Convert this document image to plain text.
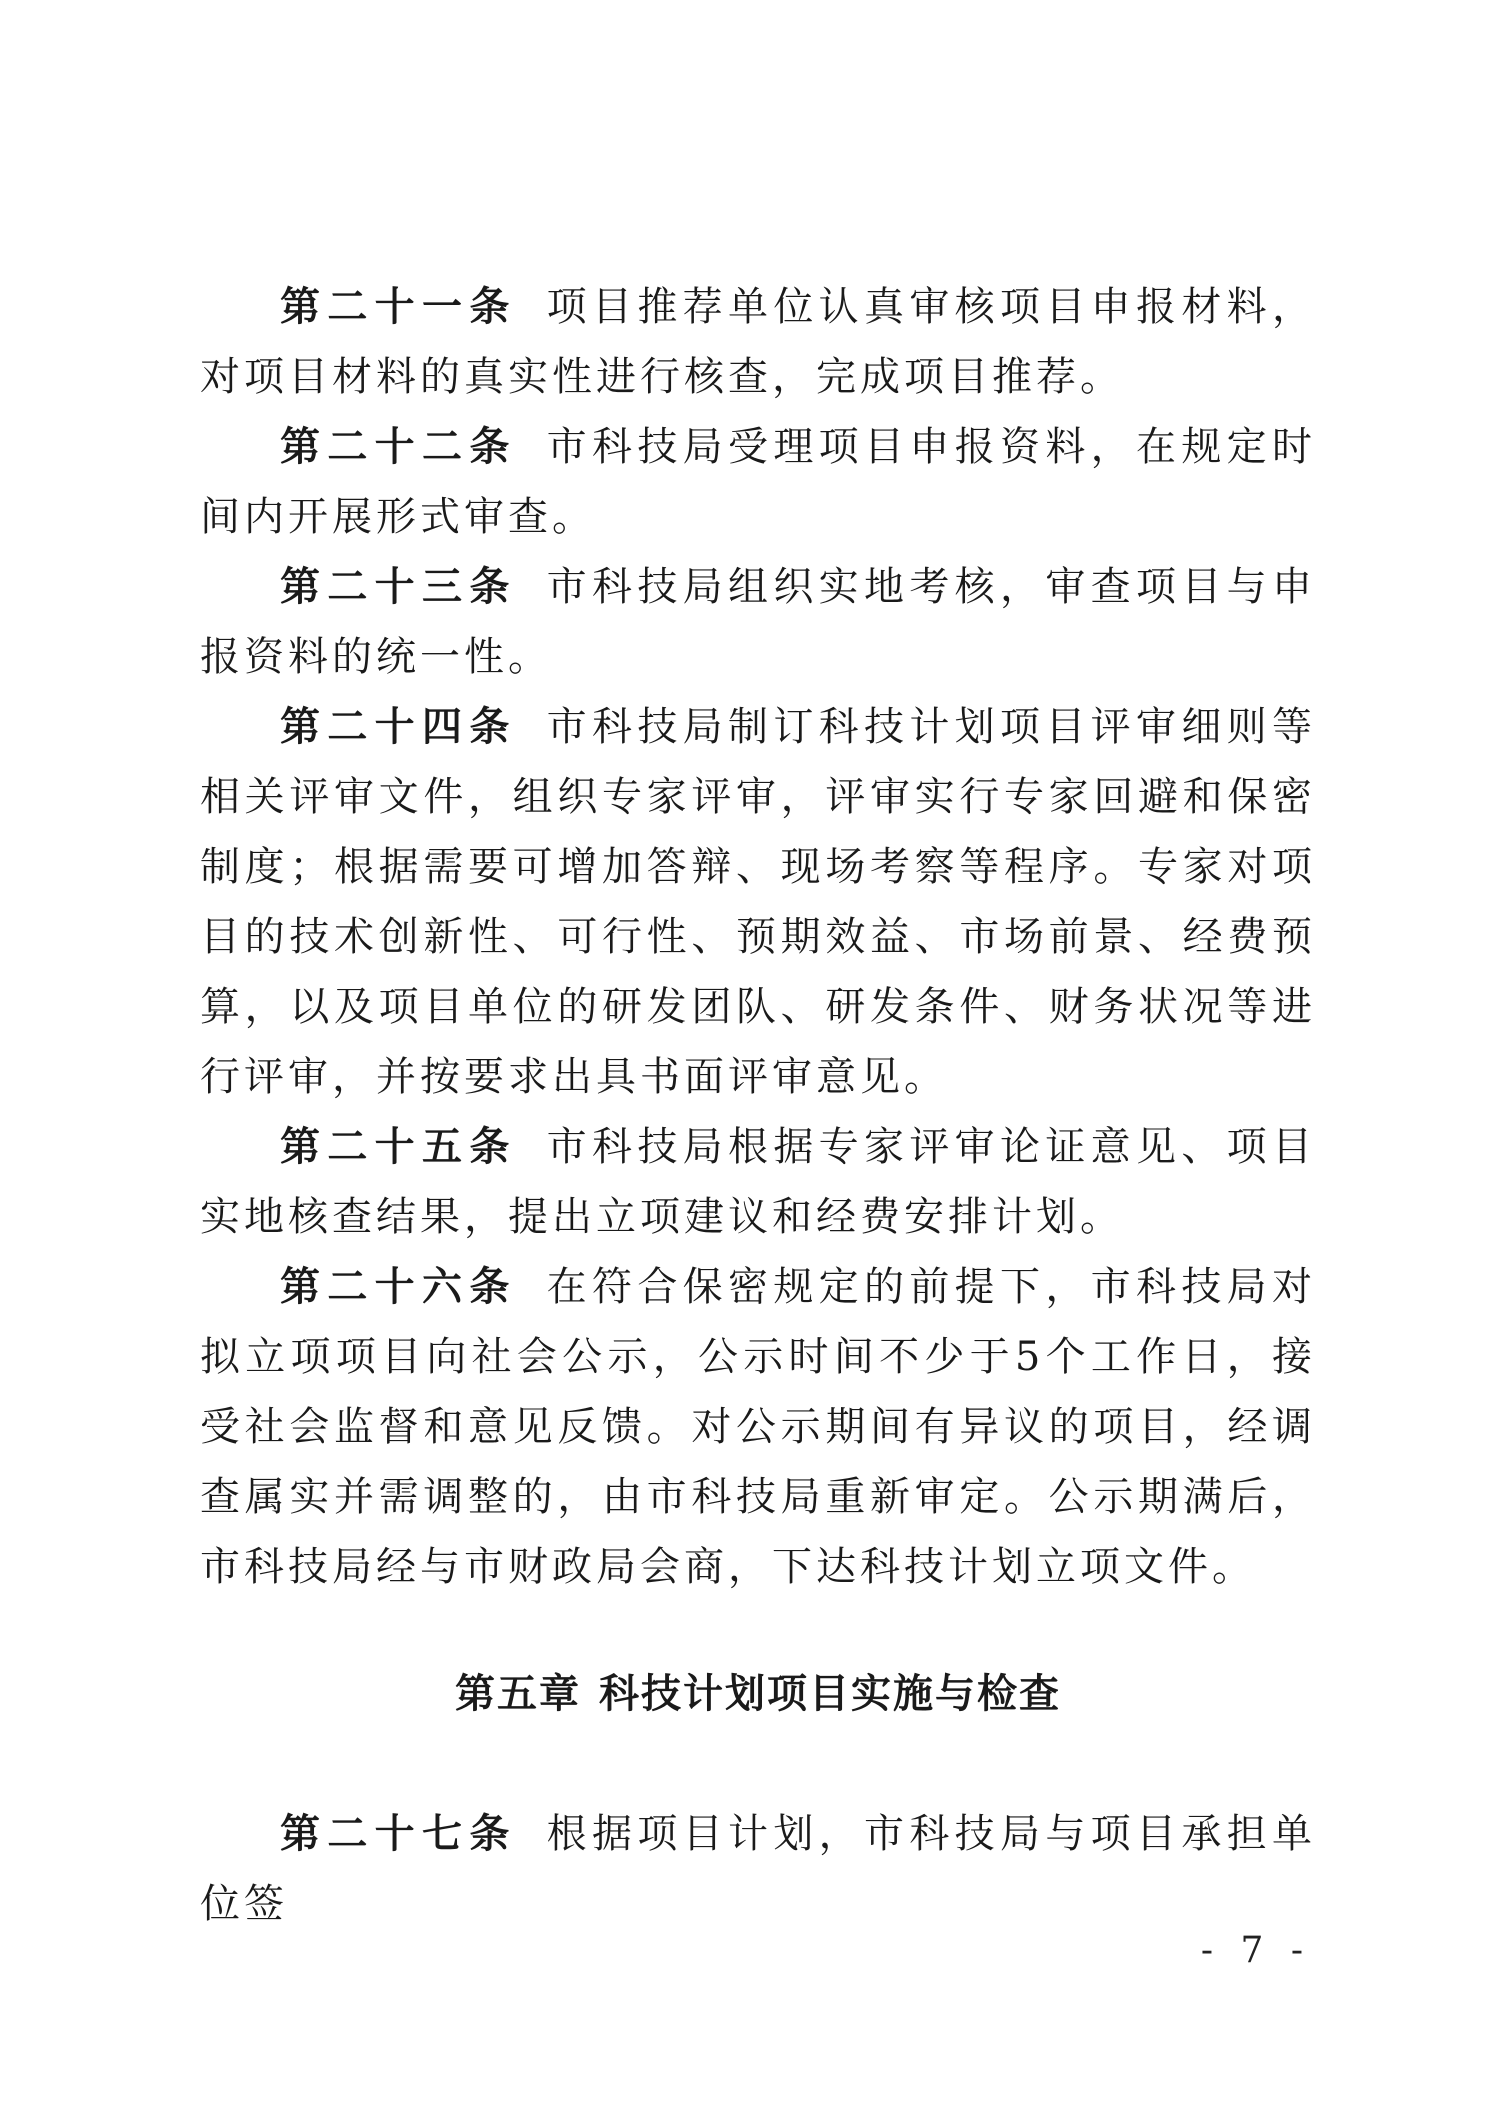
第二十一条 项目推荐单位认真审核项目申报材料，对项目材料的真实性进行核查，完成项目推荐。

第二十二条 市科技局受理项目申报资料，在规定时间内开展形式审查。

第二十三条 市科技局组织实地考核，审查项目与申报资料的统一性。

第二十四条 市科技局制订科技计划项目评审细则等相关评审文件，组织专家评审，评审实行专家回避和保密制度；根据需要可增加答辩、现场考察等程序。专家对项目的技术创新性、可行性、预期效益、市场前景、经费预算，以及项目单位的研发团队、研发条件、财务状况等进行评审，并按要求出具书面评审意见。

第二十五条 市科技局根据专家评审论证意见、项目实地核查结果，提出立项建议和经费安排计划。

第二十六条 在符合保密规定的前提下，市科技局对拟立项项目向社会公示，公示时间不少于5个工作日，接受社会监督和意见反馈。对公示期间有异议的项目，经调查属实并需调整的，由市科技局重新审定。公示期满后，市科技局经与市财政局会商，下达科技计划立项文件。

第五章 科技计划项目实施与检查

第二十七条 根据项目计划，市科技局与项目承担单位签

- 7 -
